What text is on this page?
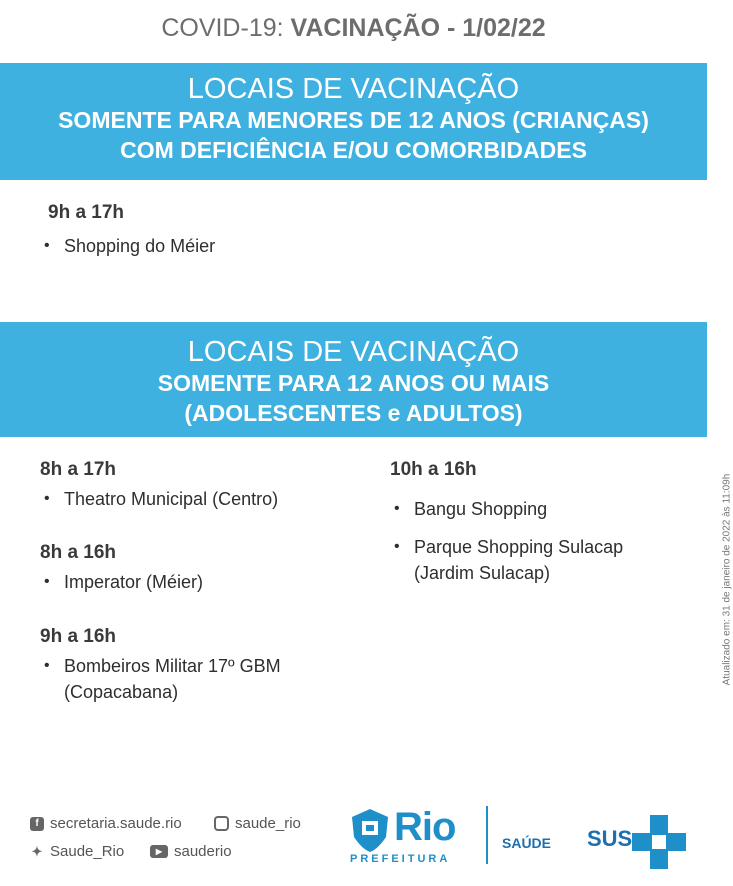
COVID-19: VACINAÇÃO - 1/02/22
LOCAIS DE VACINAÇÃO
SOMENTE PARA MENORES DE 12 ANOS (CRIANÇAS)
COM DEFICIÊNCIA E/OU COMORBIDADES
9h a 17h
• Shopping do Méier
LOCAIS DE VACINAÇÃO
SOMENTE PARA 12 ANOS OU MAIS
(ADOLESCENTES e ADULTOS)
8h a 17h
• Theatro Municipal (Centro)
8h a 16h
• Imperator (Méier)
9h a 16h
• Bombeiros Militar 17º GBM
(Copacabana)
10h a 16h
• Bangu Shopping
• Parque Shopping Sulacap
(Jardim Sulacap)	Atualizado em: 31 de janeiro de 2022 às 11:09h
f secretaria.saude.rio	saude_rio
✦ Saude_Rio	▶ sauderio
Rio
PREFEITURA
SAÚDE SUS
